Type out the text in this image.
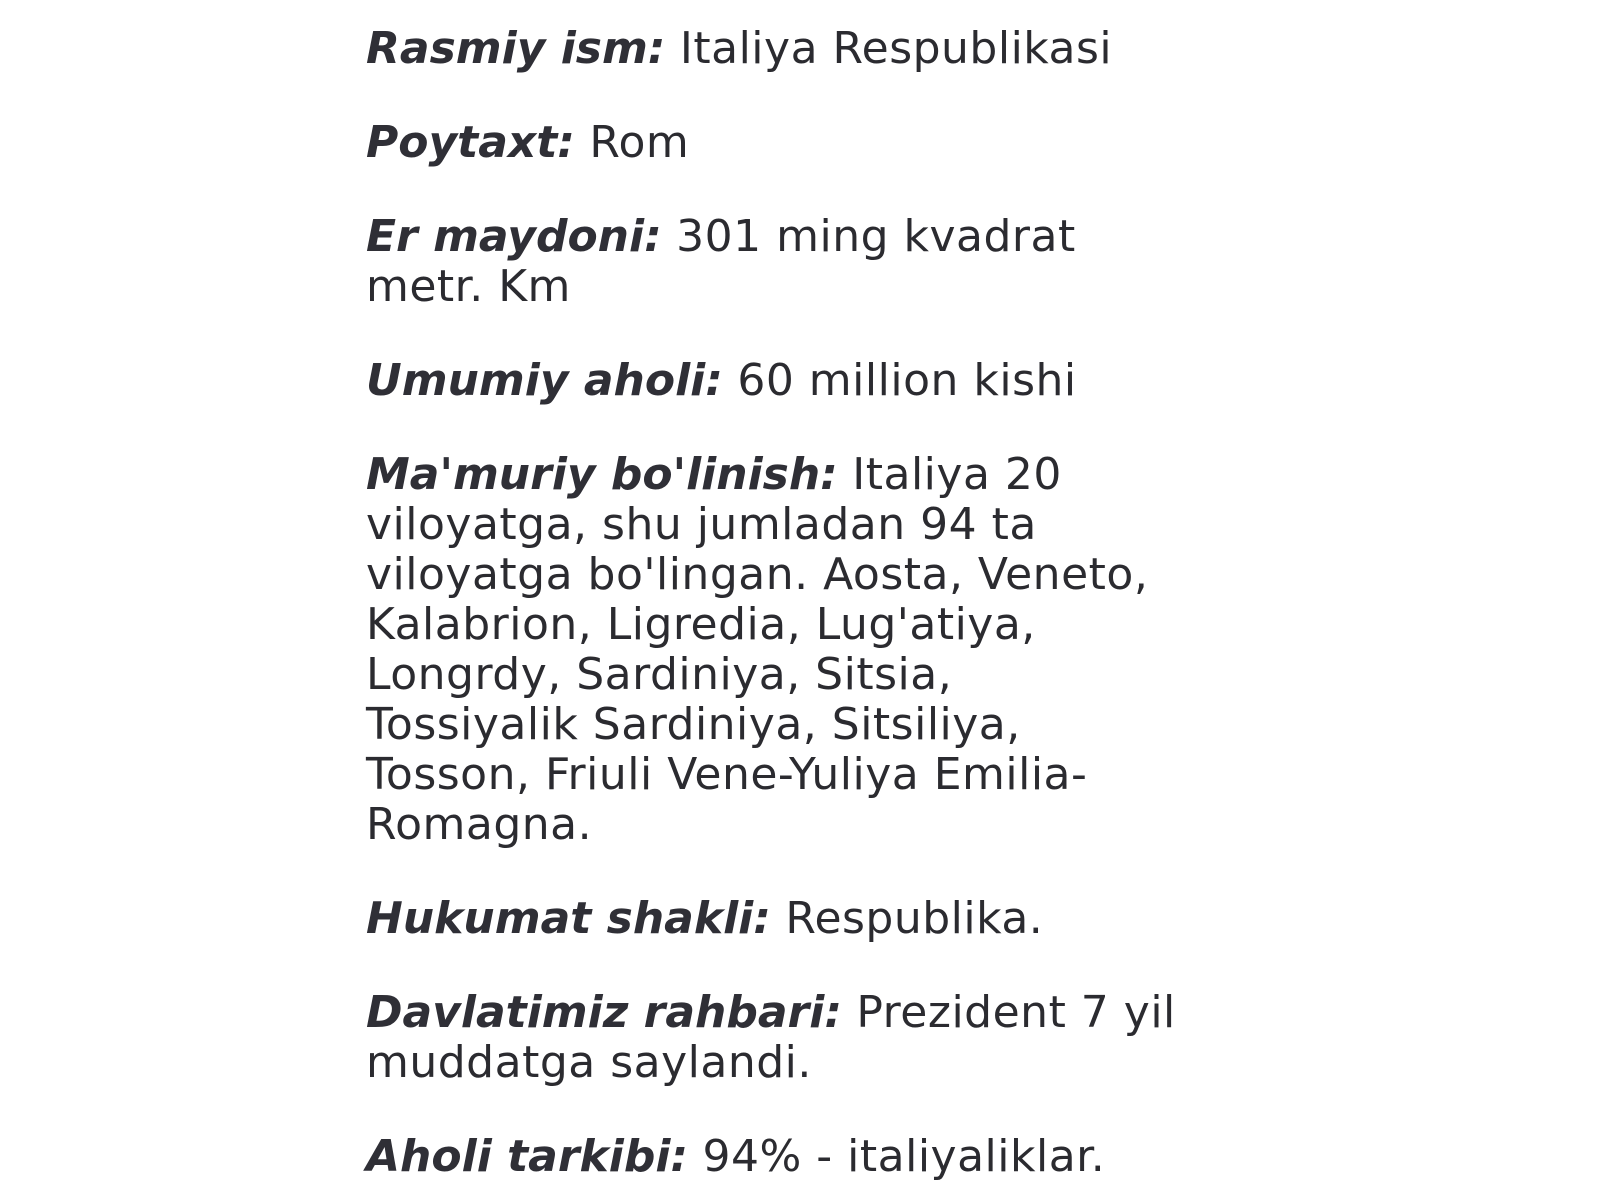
Rasmiy ism: Italiya Respublikasi

Poytaxt: Rom

Er maydoni: 301 ming kvadrat metr. Km

Umumiy aholi: 60 million kishi

Ma'muriy bo'linish: Italiya 20 viloyatga, shu jumladan 94 ta viloyatga bo'lingan. Aosta, Veneto, Kalabrion, Ligredia, Lug'atiya, Longrdy, Sardiniya, Sitsia, Tossiyalik Sardiniya, Sitsiliya, Tosson, Friuli Vene-Yuliya Emilia-Romagna.

Hukumat shakli: Respublika.

Davlatimiz rahbari: Prezident 7 yil muddatga saylandi.

Aholi tarkibi: 94% - italiyaliklar.
